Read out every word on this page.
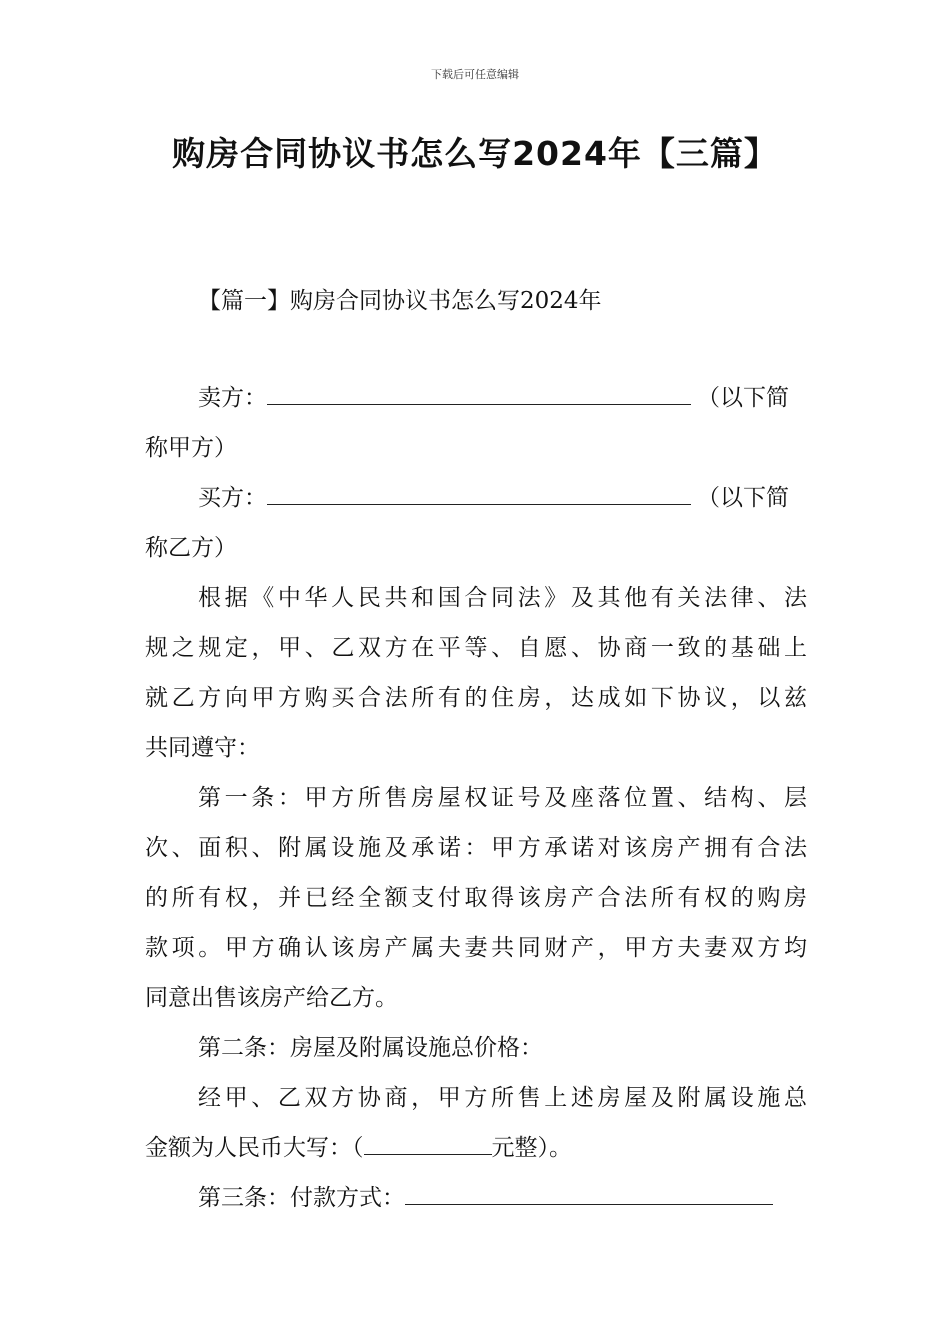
下载后可任意编辑
购房合同协议书怎么写2024年【三篇】
【篇一】购房合同协议书怎么写2024年
卖方：	（以下简
称甲方）
买方：	（以下简
称乙方）
根据《中华人民共和国合同法》及其他有关法律、法
规之规定，甲、乙双方在平等、自愿、协商一致的基础上
就乙方向甲方购买合法所有的住房，达成如下协议，以兹
共同遵守：
第一条：甲方所售房屋权证号及座落位置、结构、层
次、面积、附属设施及承诺：甲方承诺对该房产拥有合法
的所有权，并已经全额支付取得该房产合法所有权的购房
款项。甲方确认该房产属夫妻共同财产，甲方夫妻双方均
同意出售该房产给乙方。
第二条：房屋及附属设施总价格：
经甲、乙双方协商，甲方所售上述房屋及附属设施总
金额为人民币大写：（	元整）。
第三条：付款方式：
